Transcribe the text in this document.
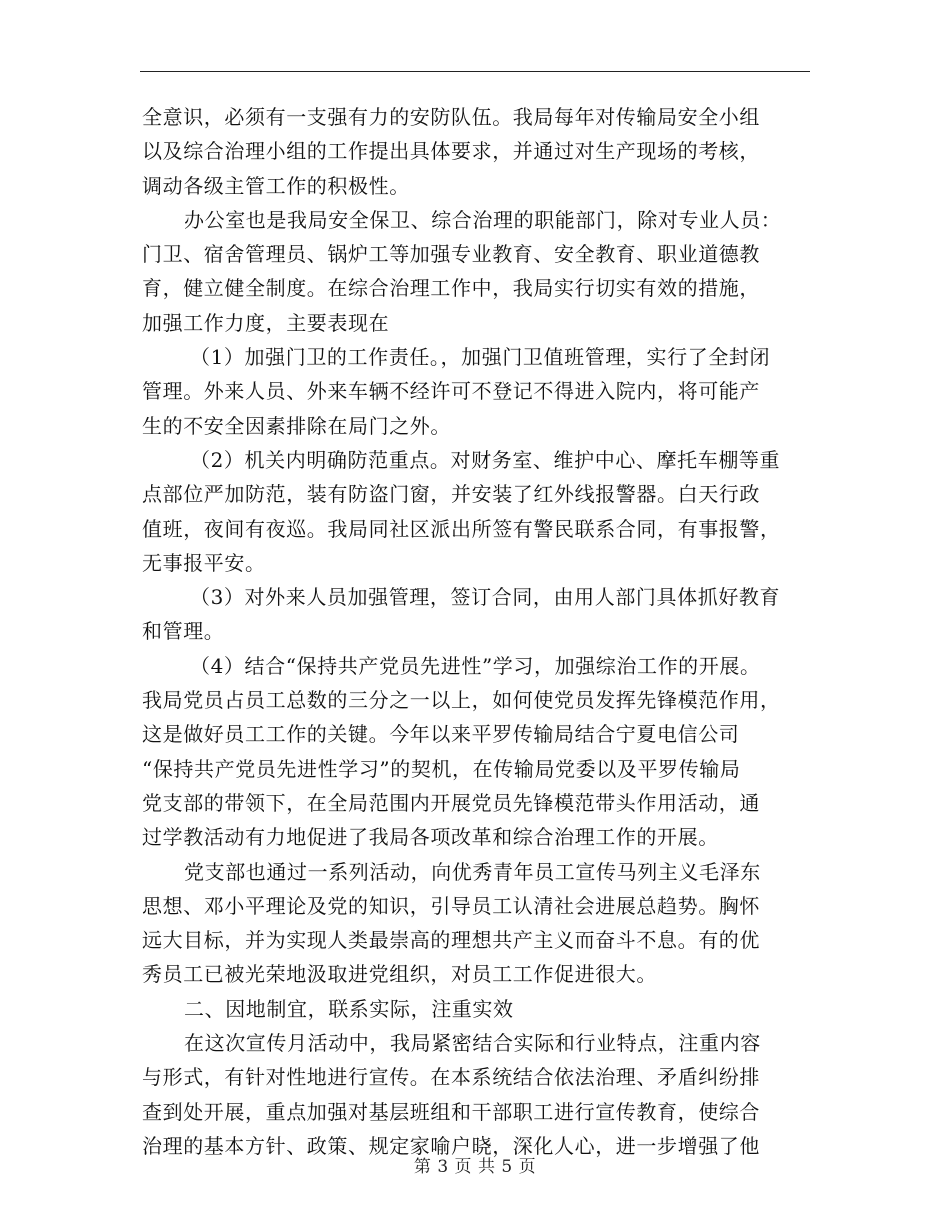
全意识，必须有一支强有力的安防队伍。我局每年对传输局安全小组
以及综合治理小组的工作提出具体要求，并通过对生产现场的考核，
调动各级主管工作的积极性。
办公室也是我局安全保卫、综合治理的职能部门，除对专业人员：
门卫、宿舍管理员、锅炉工等加强专业教育、安全教育、职业道德教
育，健立健全制度。在综合治理工作中，我局实行切实有效的措施，
加强工作力度，主要表现在
（1）加强门卫的工作责任。，加强门卫值班管理，实行了全封闭
管理。外来人员、外来车辆不经许可不登记不得进入院内，将可能产
生的不安全因素排除在局门之外。
（2）机关内明确防范重点。对财务室、维护中心、摩托车棚等重
点部位严加防范，装有防盗门窗，并安装了红外线报警器。白天行政
值班，夜间有夜巡。我局同社区派出所签有警民联系合同，有事报警，
无事报平安。
（3）对外来人员加强管理，签订合同，由用人部门具体抓好教育
和管理。
（4）结合“保持共产党员先进性”学习，加强综治工作的开展。
我局党员占员工总数的三分之一以上，如何使党员发挥先锋模范作用，
这是做好员工工作的关键。今年以来平罗传输局结合宁夏电信公司
“保持共产党员先进性学习”的契机，在传输局党委以及平罗传输局
党支部的带领下，在全局范围内开展党员先锋模范带头作用活动，通
过学教活动有力地促进了我局各项改革和综合治理工作的开展。
党支部也通过一系列活动，向优秀青年员工宣传马列主义毛泽东
思想、邓小平理论及党的知识，引导员工认清社会进展总趋势。胸怀
远大目标，并为实现人类最崇高的理想共产主义而奋斗不息。有的优
秀员工已被光荣地汲取进党组织，对员工工作促进很大。
二、因地制宜，联系实际，注重实效
在这次宣传月活动中，我局紧密结合实际和行业特点，注重内容
与形式，有针对性地进行宣传。在本系统结合依法治理、矛盾纠纷排
查到处开展，重点加强对基层班组和干部职工进行宣传教育，使综合
治理的基本方针、政策、规定家喻户晓，深化人心，进一步增强了他
第 3 页 共 5 页
